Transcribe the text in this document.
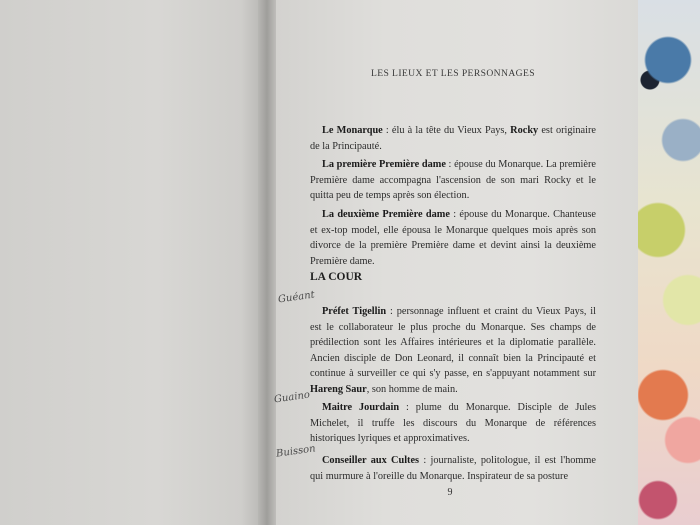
LES LIEUX ET LES PERSONNAGES

Le Monarque : élu à la tête du Vieux Pays, Rocky est originaire de la Principauté.

La première Première dame : épouse du Monarque. La première Première dame accompagna l'ascension de son mari Rocky et le quitta peu de temps après son élection.

La deuxième Première dame : épouse du Monarque. Chanteuse et ex-top model, elle épousa le Monarque quelques mois après son divorce de la première Première dame et devint ainsi la deuxième Première dame.

LA COUR

Préfet Tigellin : personnage influent et craint du Vieux Pays, il est le collaborateur le plus proche du Monarque. Ses champs de prédilection sont les Affaires intérieures et la diplomatie parallèle. Ancien disciple de Don Leonard, il connaît bien la Principauté et continue à surveiller ce qui s'y passe, en s'appuyant notamment sur Hareng Saur, son homme de main.

Maitre Jourdain : plume du Monarque. Disciple de Jules Michelet, il truffe les discours du Monarque de références historiques lyriques et approximatives.

Conseiller aux Cultes : journaliste, politologue, il est l'homme qui murmure à l'oreille du Monarque. Inspirateur de sa posture

Guéant
Guaino
Buisson
9
